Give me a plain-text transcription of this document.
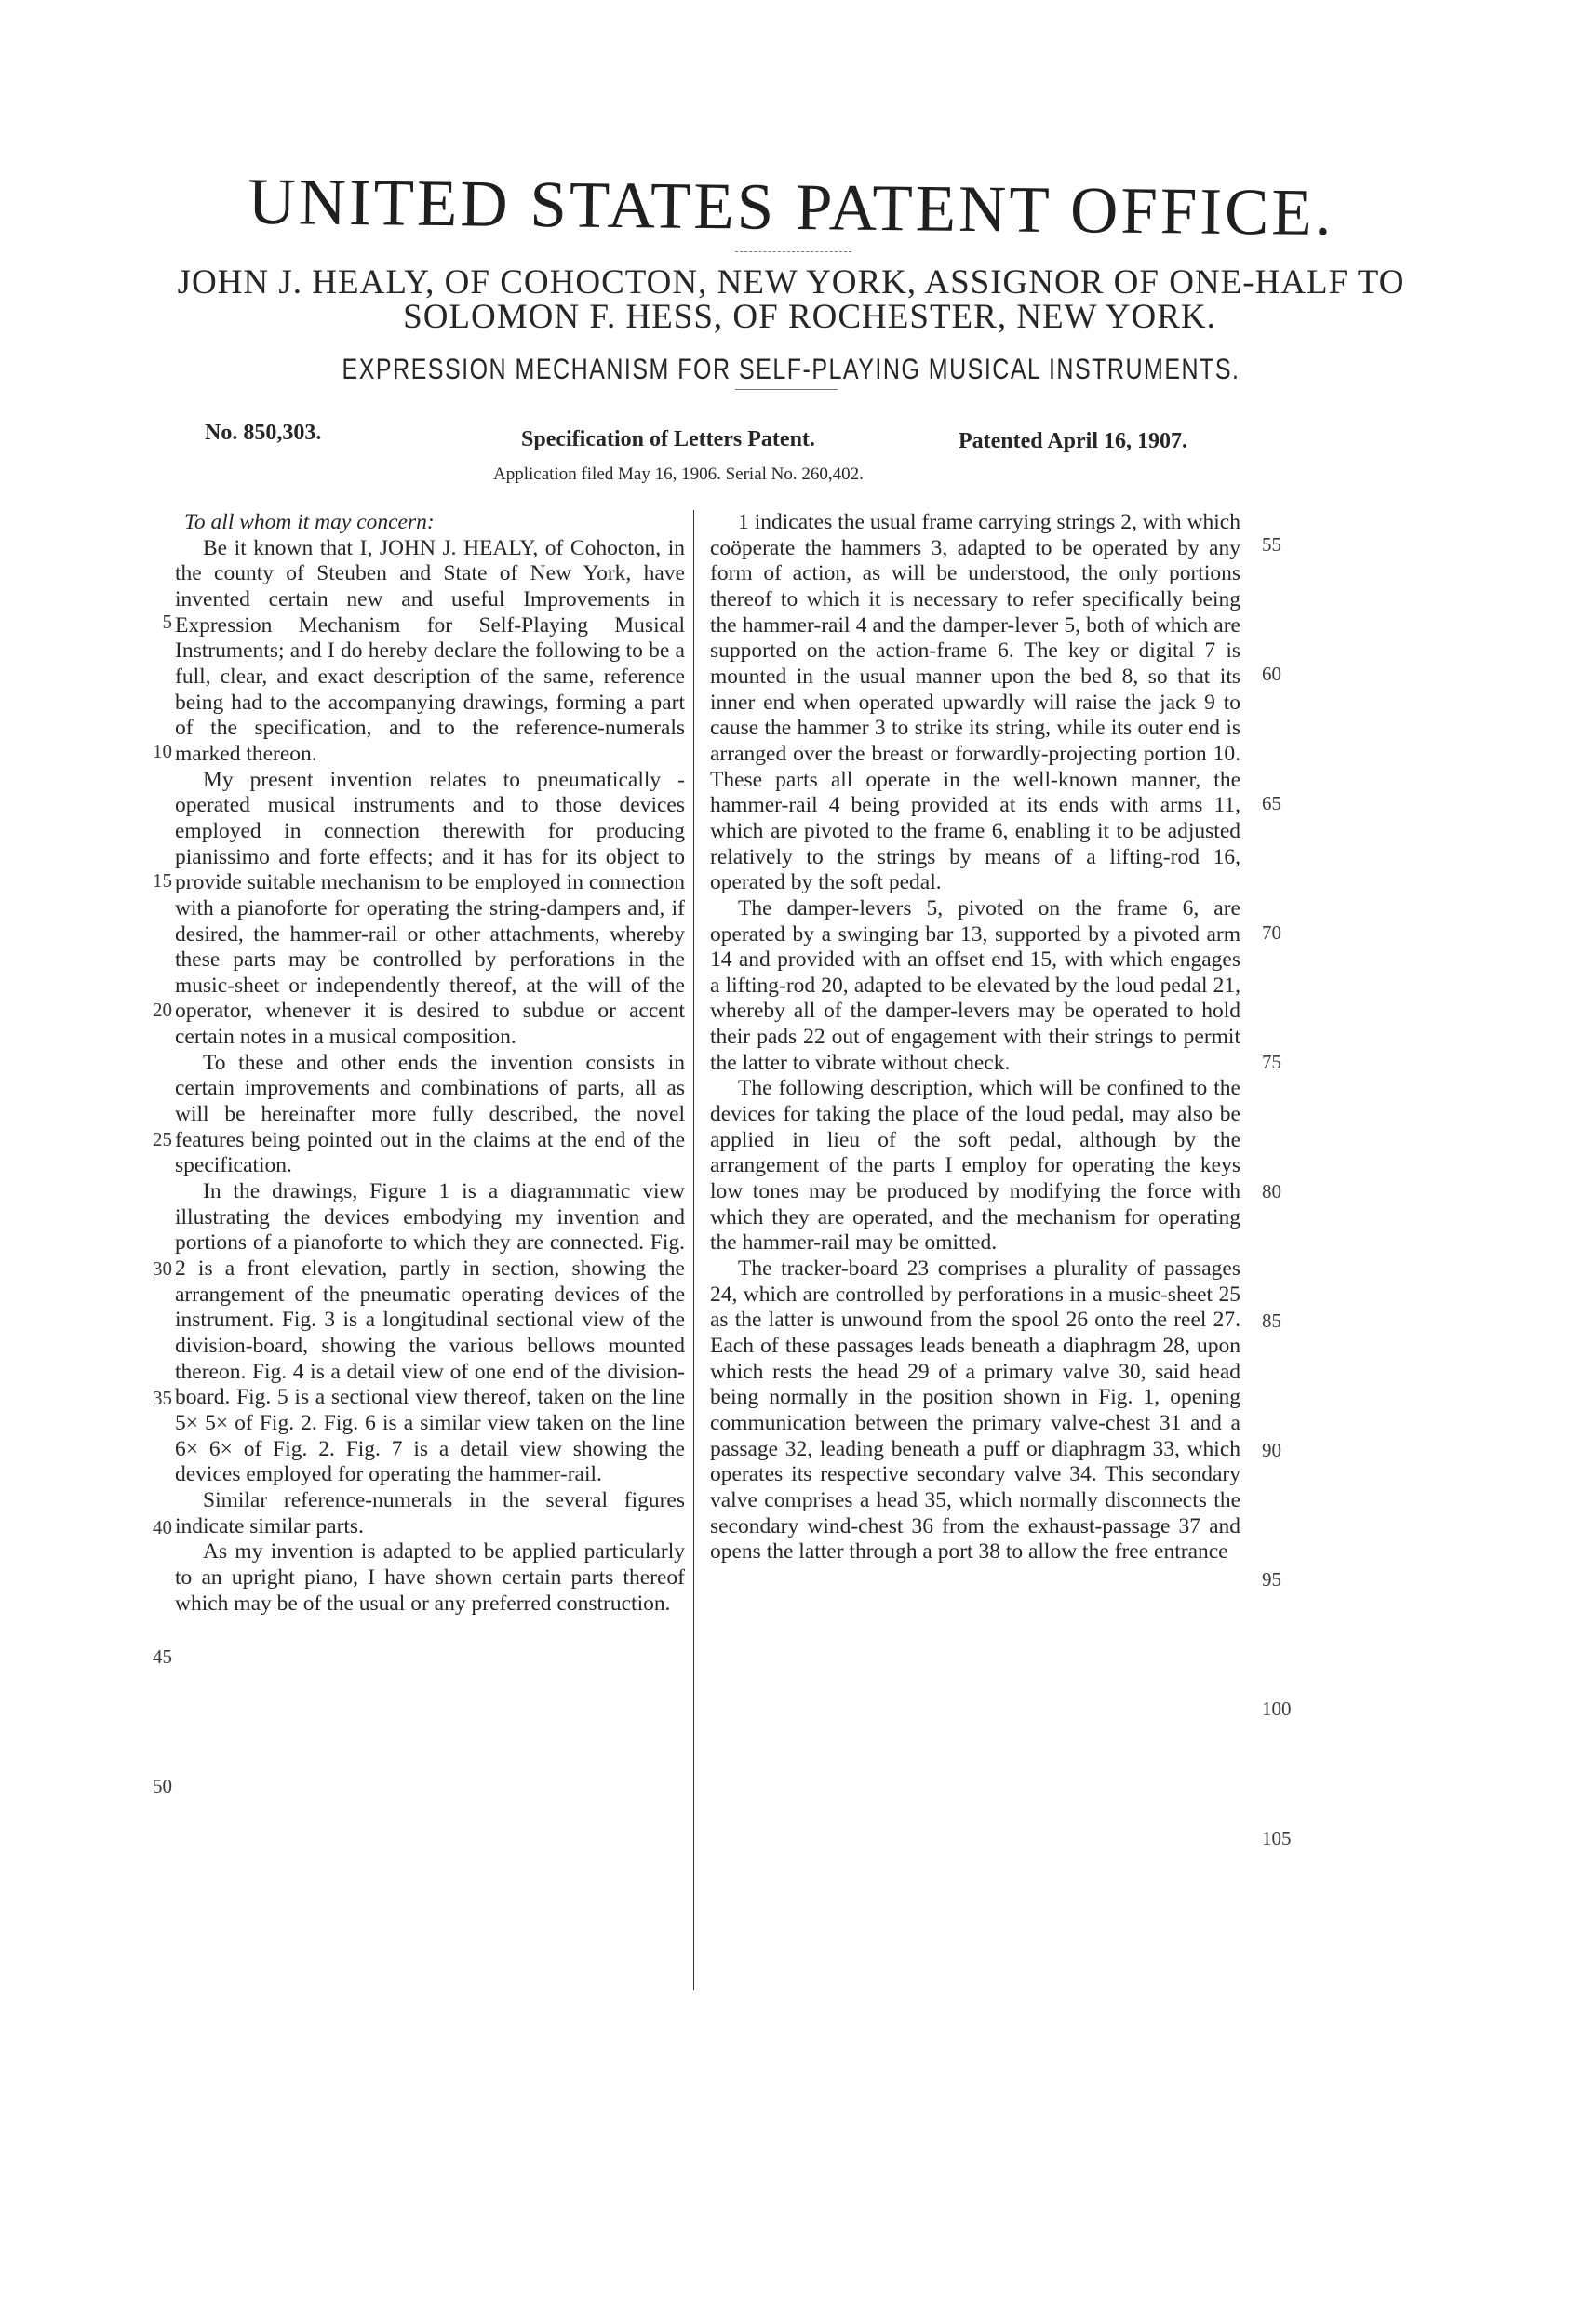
UNITED STATES PATENT OFFICE.
JOHN J. HEALY, OF COHOCTON, NEW YORK, ASSIGNOR OF ONE-HALF TO
SOLOMON F. HESS, OF ROCHESTER, NEW YORK.
EXPRESSION MECHANISM FOR SELF-PLAYING MUSICAL INSTRUMENTS.
No. 850,303.	Specification of Letters Patent.	Patented April 16, 1907.
Application filed May 16, 1906. Serial No. 260,402.

To all whom it may concern:

Be it known that I, JOHN J. HEALY, of Cohocton, in the county of Steuben and State of New York, have invented certain new and useful Improvements in Expression Mechanism for Self-Playing Musical Instruments; and I do hereby declare the following to be a full, clear, and exact description of the same, reference being had to the accompanying drawings, forming a part of the specification, and to the reference-numerals marked thereon.

My present invention relates to pneumatically - operated musical instruments and to those devices employed in connection therewith for producing pianissimo and forte effects; and it has for its object to provide suitable mechanism to be employed in connection with a pianoforte for operating the string-dampers and, if desired, the hammer-rail or other attachments, whereby these parts may be controlled by perforations in the music-sheet or independently thereof, at the will of the operator, whenever it is desired to subdue or accent certain notes in a musical composition.

To these and other ends the invention consists in certain improvements and combinations of parts, all as will be hereinafter more fully described, the novel features being pointed out in the claims at the end of the specification.

In the drawings, Figure 1 is a diagrammatic view illustrating the devices embodying my invention and portions of a pianoforte to which they are connected. Fig. 2 is a front elevation, partly in section, showing the arrangement of the pneumatic operating devices of the instrument. Fig. 3 is a longitudinal sectional view of the division-board, showing the various bellows mounted thereon. Fig. 4 is a detail view of one end of the division-board. Fig. 5 is a sectional view thereof, taken on the line 5× 5× of Fig. 2. Fig. 6 is a similar view taken on the line 6× 6× of Fig. 2. Fig. 7 is a detail view showing the devices employed for operating the hammer-rail.

Similar reference-numerals in the several figures indicate similar parts.

As my invention is adapted to be applied particularly to an upright piano, I have shown certain parts thereof which may be of the usual or any preferred construction.

1 indicates the usual frame carrying strings 2, with which coöperate the hammers 3, adapted to be operated by any form of action, as will be understood, the only portions thereof to which it is necessary to refer specifically being the hammer-rail 4 and the damper-lever 5, both of which are supported on the action-frame 6. The key or digital 7 is mounted in the usual manner upon the bed 8, so that its inner end when operated upwardly will raise the jack 9 to cause the hammer 3 to strike its string, while its outer end is arranged over the breast or forwardly-projecting portion 10. These parts all operate in the well-known manner, the hammer-rail 4 being provided at its ends with arms 11, which are pivoted to the frame 6, enabling it to be adjusted relatively to the strings by means of a lifting-rod 16, operated by the soft pedal.

The damper-levers 5, pivoted on the frame 6, are operated by a swinging bar 13, supported by a pivoted arm 14 and provided with an offset end 15, with which engages a lifting-rod 20, adapted to be elevated by the loud pedal 21, whereby all of the damper-levers may be operated to hold their pads 22 out of engagement with their strings to permit the latter to vibrate without check.

The following description, which will be confined to the devices for taking the place of the loud pedal, may also be applied in lieu of the soft pedal, although by the arrangement of the parts I employ for operating the keys low tones may be produced by modifying the force with which they are operated, and the mechanism for operating the hammer-rail may be omitted.

The tracker-board 23 comprises a plurality of passages 24, which are controlled by perforations in a music-sheet 25 as the latter is unwound from the spool 26 onto the reel 27. Each of these passages leads beneath a diaphragm 28, upon which rests the head 29 of a primary valve 30, said head being normally in the position shown in Fig. 1, opening communication between the primary valve-chest 31 and a passage 32, leading beneath a puff or diaphragm 33, which operates its respective secondary valve 34. This secondary valve comprises a head 35, which normally disconnects the secondary wind-chest 36 from the exhaust-passage 37 and opens the latter through a port 38 to allow the free entrance

5
10
15
20
25
30
35
40
45
50
55
60
65
70
75
80
85
90
95
100
105
